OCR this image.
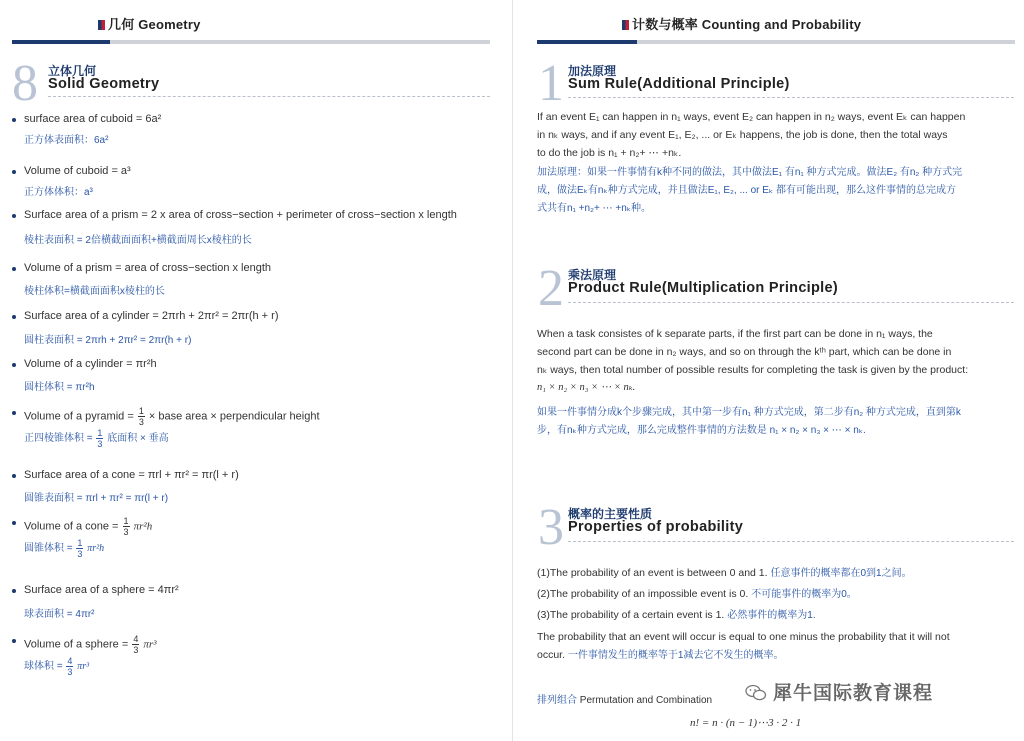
几何 Geometry
8 立体几何
Solid Geometry
surface area of cuboid = 6a²
正方体表面积：6a²
Volume of cuboid = a³
正方体体积：a³
Surface area of a prism = 2 x area of cross−section + perimeter of cross−section x length
棱柱表面积 = 2倍横截面面积+横截面周长x棱柱的长
Volume of a prism = area of cross−section x length
棱柱体积=横截面面积x棱柱的长
Surface area of a cylinder = 2πrh + 2πr² = 2πr(h + r)
圆柱表面积 = 2πrh + 2πr² = 2πr(h + r)
Volume of a cylinder = πr²h
圆柱体积 = πr²h
Volume of a pyramid = $\frac{1}{3}$ × base area × perpendicular height
正四棱锥体积 = $\frac{1}{3}$ 底面积 × 垂高
Surface area of a cone = πrl + πr² = πr(l + r)
圆锥表面积 = πrl + πr² = πr(l + r)
Volume of a cone = $\frac{1}{3} \pi r^2h$
圆锥体积 = $\frac{1}{3} \pi r^2h$
Surface area of a sphere = 4πr²
球表面积 = 4πr²
Volume of a sphere = $\frac{4}{3} \pi r^3$
球体积 = $\frac{4}{3} \pi r^3$
计数与概率 Counting and Probability
1 加法原理
Sum Rule(Additional Principle)
If an event E₁ can happen in n₁ ways, event E₂ can happen in n₂ ways, event Eₖ can happen
in nₖ ways, and if any event E₁, E₂, ... or Eₖ happens, the job is done, then the total ways
to do the job is n₁ + n₂+ ⋯ +nₖ.
加法原理：如果一件事情有k种不同的做法，其中做法E₁ 有n₁ 种方式完成。做法E₂ 有n₂ 种方式完
成，做法Eₖ有nₖ种方式完成，并且做法E₁, E₂, ... or Eₖ 都有可能出现，那么这件事情的总完成方
式共有n₁ +n₂+ ⋯ +nₖ种。
2 乘法原理
Product Rule(Multiplication Principle)
When a task consistes of k separate parts, if the first part can be done in n₁ ways, the
second part can be done in n₂ ways, and so on through the kᵗʰ part, which can be done in
nₖ ways, then total number of possible results for completing the task is given by the product:
n₁ × n₂ × n₃ × ⋯ × nₖ.
如果一件事情分成k个步骤完成，其中第一步有n₁ 种方式完成，第二步有n₂ 种方式完成，直到第k
步，有nₖ种方式完成，那么完成整件事情的方法数是 n₁ × n₂ × n₃ × ⋯ × nₖ.
3 概率的主要性质
Properties of probability
(1)The probability of an event is between 0 and 1. 任意事件的概率都在0到1之间。
(2)The probability of an impossible event is 0. 不可能事件的概率为0。
(3)The probability of a certain event is 1. 必然事件的概率为1.
The probability that an event will occur is equal to one minus the probability that it will not
occur. 一件事情发生的概率等于1减去它不发生的概率。
排列组合 Permutation and Combination
n! = n · (n − 1)⋯3 · 2 · 1
犀牛国际教育课程
